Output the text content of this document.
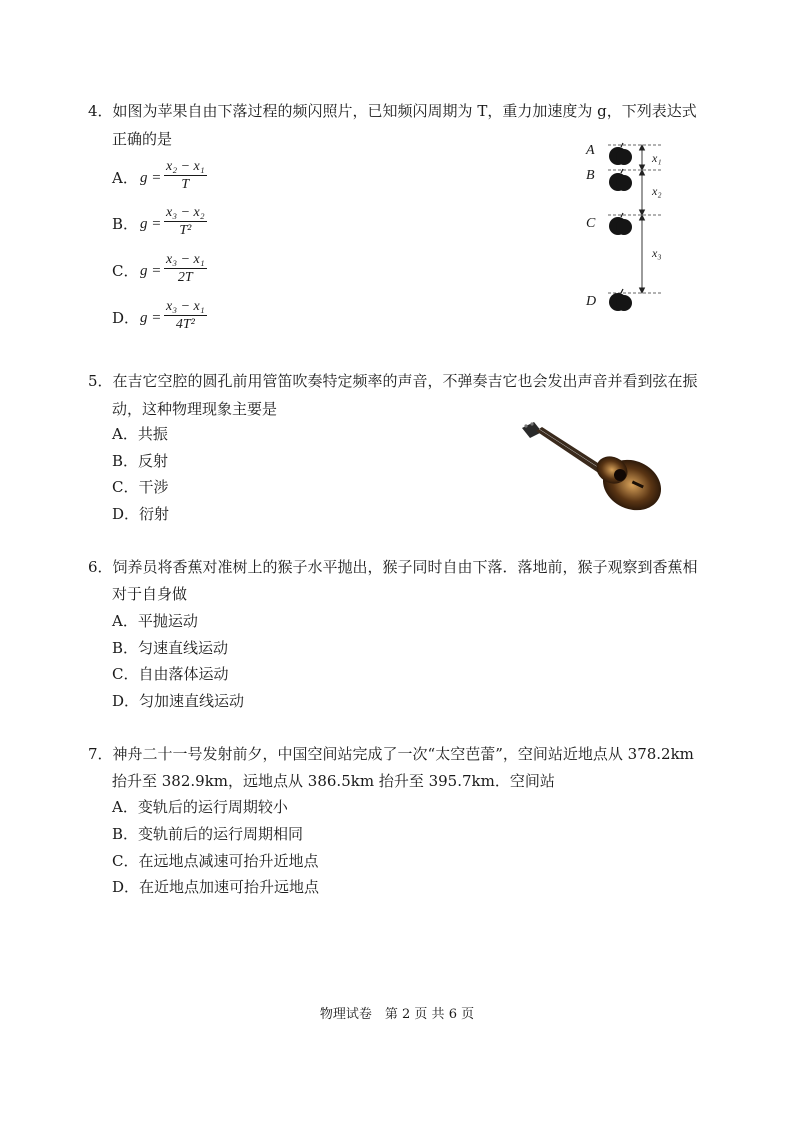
4．如图为苹果自由下落过程的频闪照片，已知频闪周期为 T，重力加速度为 g，下列表达式
正确的是
A． $g = \frac{\text{x₂ − x₁}}{T}$
B． $g = \frac{\text{x₃ − x₂}}{\text{T²}}$
C． $g = \frac{\text{x₃ − x₁}}{2T}$
D． $g = \frac{\text{x₃ − x₁}}{\text{4T²}}$
A
B
C
D
x₁
x₂
x₃
5．在吉它空腔的圆孔前用管笛吹奏特定频率的声音，不弹奏吉它也会发出声音并看到弦在振
动，这种物理现象主要是
A．共振
B．反射
C．干涉
D．衍射
6．饲养员将香蕉对准树上的猴子水平抛出，猴子同时自由下落．落地前，猴子观察到香蕉相
对于自身做
A．平抛运动
B．匀速直线运动
C．自由落体运动
D．匀加速直线运动
7．神舟二十一号发射前夕，中国空间站完成了一次“太空芭蕾”，空间站近地点从 378.2km
抬升至 382.9km，远地点从 386.5km 抬升至 395.7km．空间站
A．变轨后的运行周期较小
B．变轨前后的运行周期相同
C．在远地点减速可抬升近地点
D．在近地点加速可抬升远地点
物理试卷　第 2 页 共 6 页
